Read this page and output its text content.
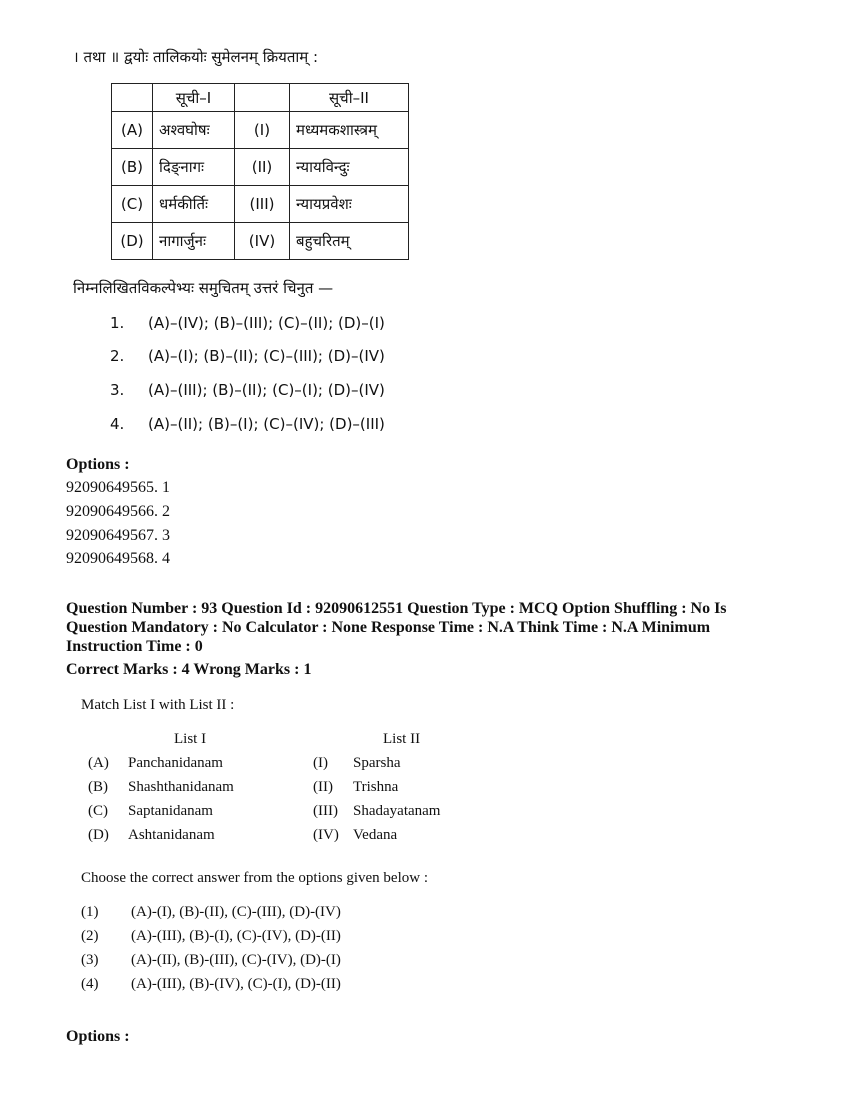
। तथा ॥ द्वयोः तालिकयोः सुमेलनम् क्रियताम् :
	सूची–I		सूची–II
(A)	अश्वघोषः	(I)	मध्यमकशास्त्रम्
(B)	दिङ्नागः	(II)	न्यायविन्दुः
(C)	धर्मकीर्तिः	(III)	न्यायप्रवेशः
(D)	नागार्जुनः	(IV)	बहुचरितम्
निम्नलिखितविकल्पेभ्यः समुचितम् उत्तरं चिनुत —
1. (A)–(IV); (B)–(III); (C)–(II); (D)–(I)
2. (A)–(I); (B)–(II); (C)–(III); (D)–(IV)
3. (A)–(III); (B)–(II); (C)–(I); (D)–(IV)
4. (A)–(II); (B)–(I); (C)–(IV); (D)–(III)
Options :
92090649565. 1
92090649566. 2
92090649567. 3
92090649568. 4
Question Number : 93 Question Id : 92090612551 Question Type : MCQ Option Shuffling : No Is
Question Mandatory : No Calculator : None Response Time : N.A Think Time : N.A Minimum
Instruction Time : 0
Correct Marks : 4 Wrong Marks : 1
Match List I with List II :
List I	List II
(A) Panchanidanam	(I) Sparsha
(B) Shashthanidanam	(II) Trishna
(C) Saptanidanam	(III) Shadayatanam
(D) Ashtanidanam	(IV) Vedana
Choose the correct answer from the options given below :
(1) (A)-(I), (B)-(II), (C)-(III), (D)-(IV)
(2) (A)-(III), (B)-(I), (C)-(IV), (D)-(II)
(3) (A)-(II), (B)-(III), (C)-(IV), (D)-(I)
(4) (A)-(III), (B)-(IV), (C)-(I), (D)-(II)
Options :
